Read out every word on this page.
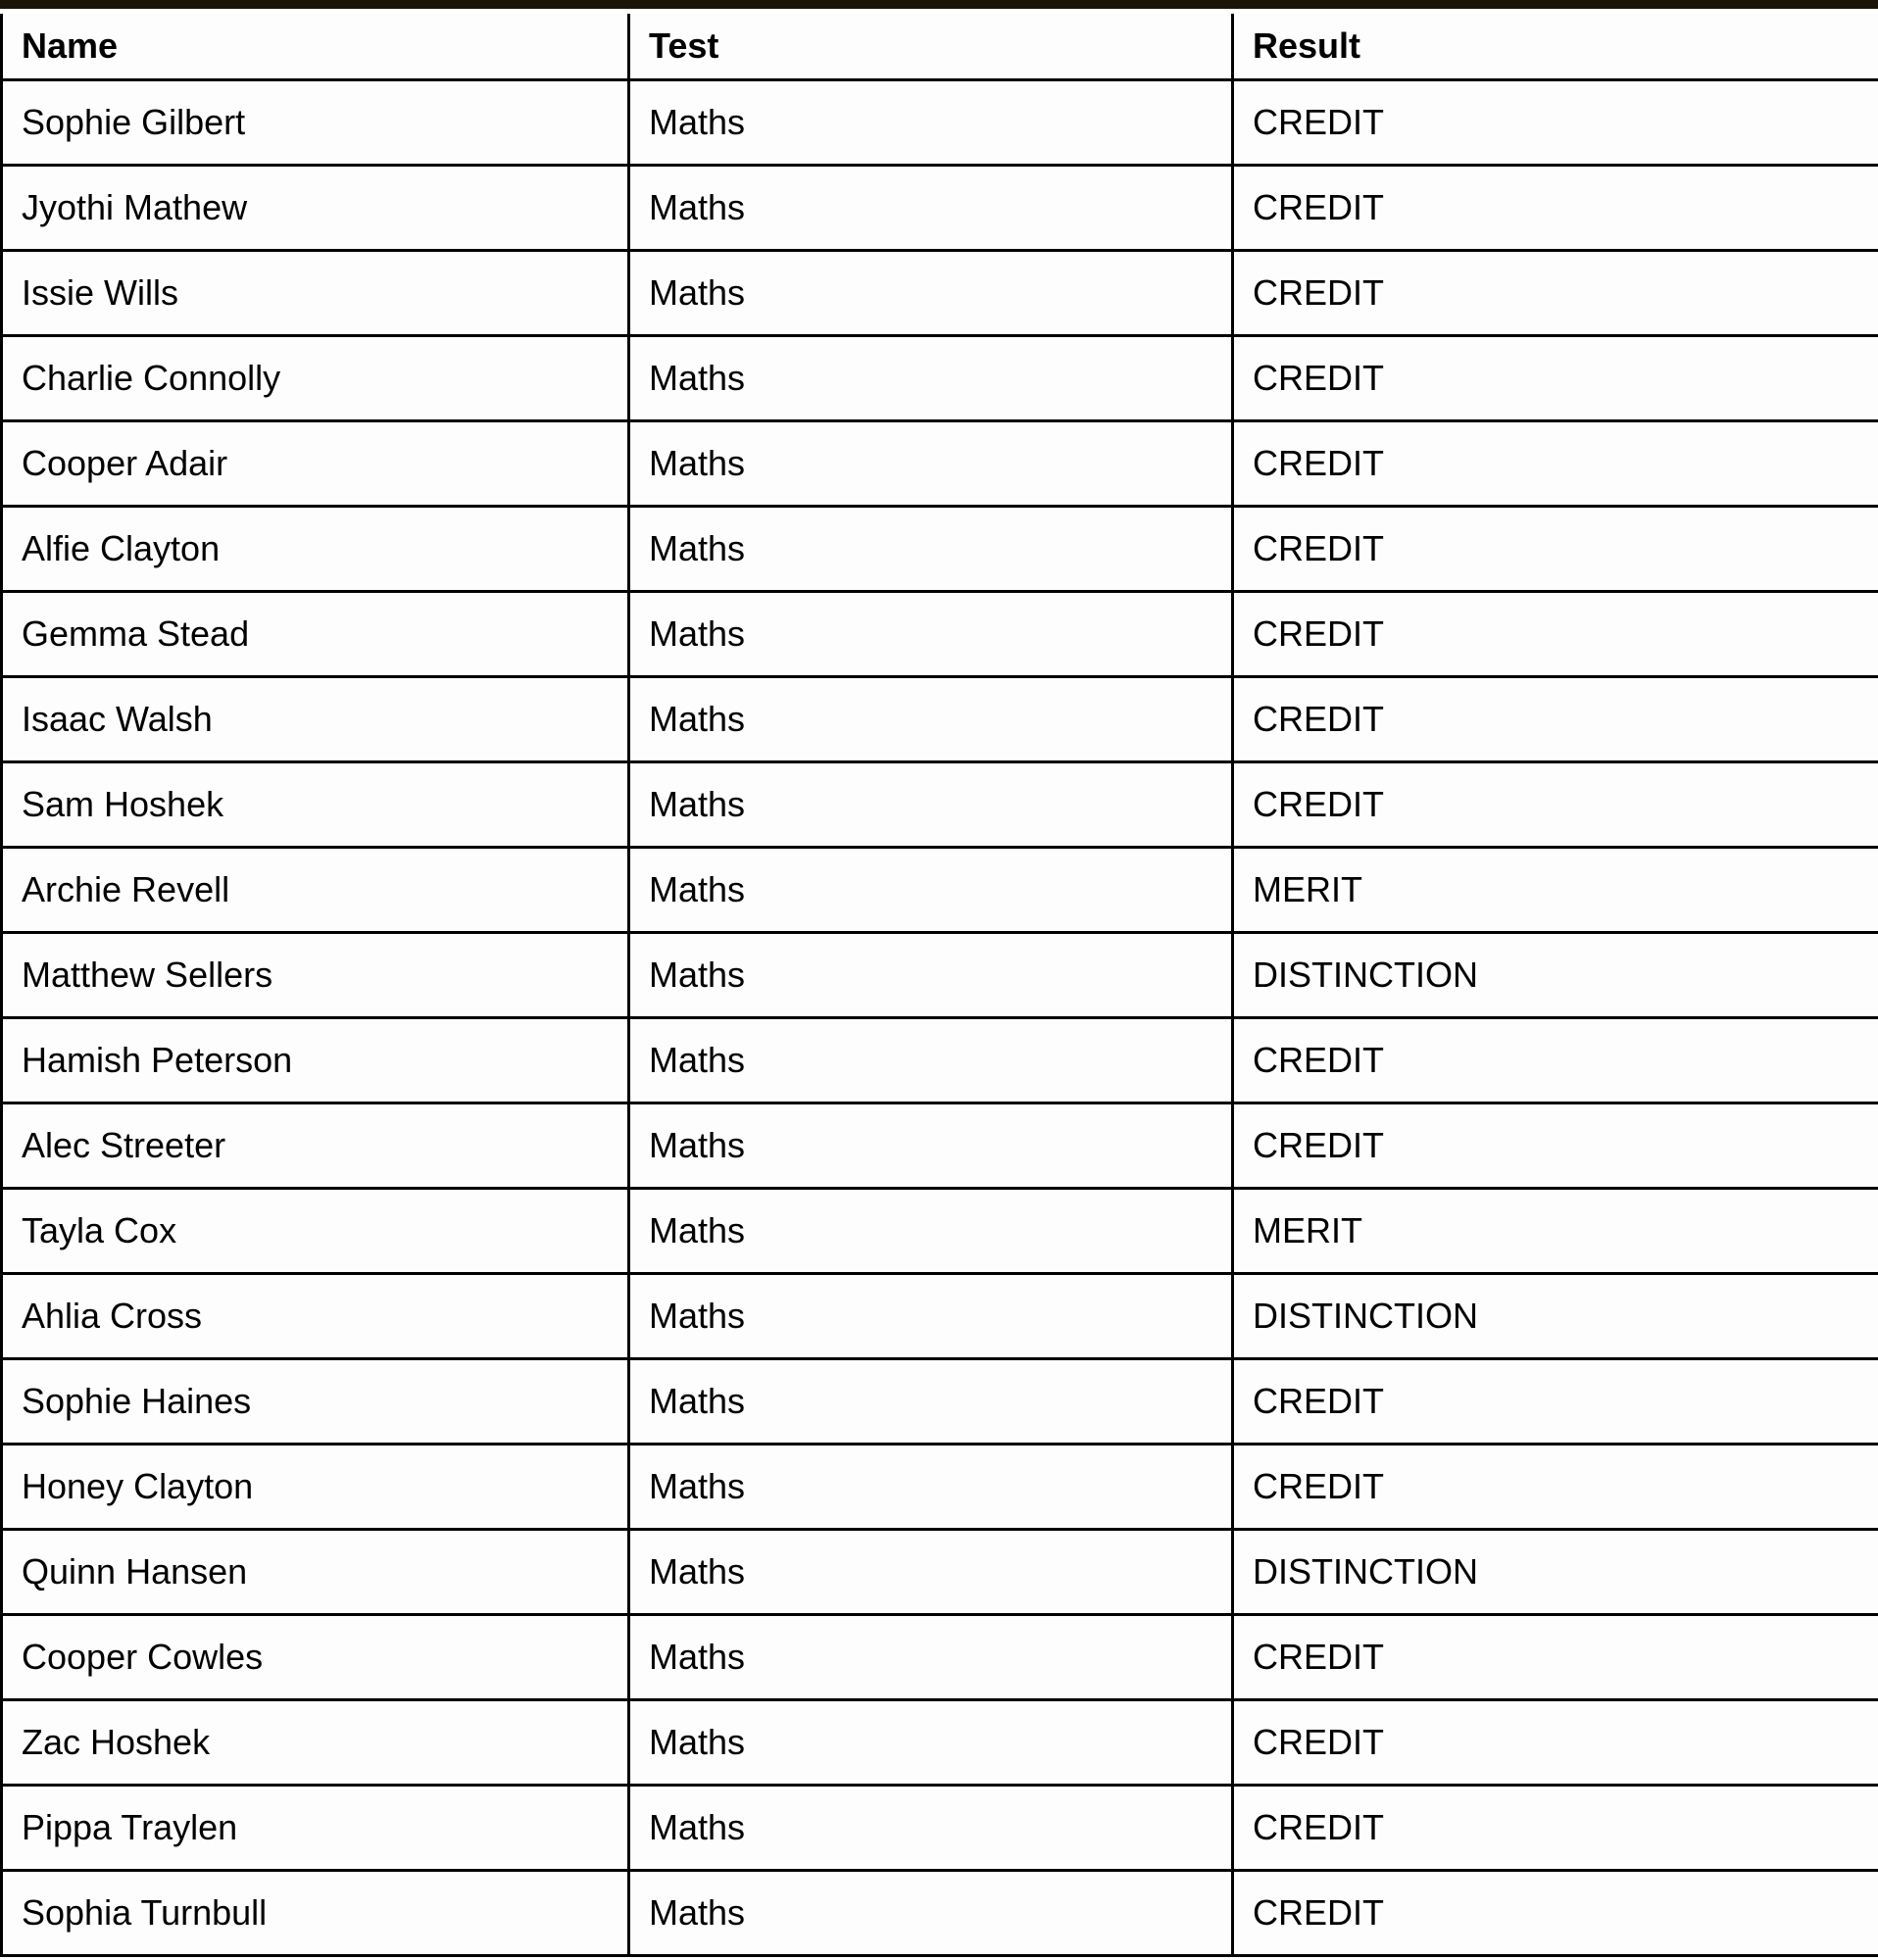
Name	Test	Result
Sophie Gilbert	Maths	CREDIT
Jyothi Mathew	Maths	CREDIT
Issie Wills	Maths	CREDIT
Charlie Connolly	Maths	CREDIT
Cooper Adair	Maths	CREDIT
Alfie Clayton	Maths	CREDIT
Gemma Stead	Maths	CREDIT
Isaac Walsh	Maths	CREDIT
Sam Hoshek	Maths	CREDIT
Archie Revell	Maths	MERIT
Matthew Sellers	Maths	DISTINCTION
Hamish Peterson	Maths	CREDIT
Alec Streeter	Maths	CREDIT
Tayla Cox	Maths	MERIT
Ahlia Cross	Maths	DISTINCTION
Sophie Haines	Maths	CREDIT
Honey Clayton	Maths	CREDIT
Quinn Hansen	Maths	DISTINCTION
Cooper Cowles	Maths	CREDIT
Zac Hoshek	Maths	CREDIT
Pippa Traylen	Maths	CREDIT
Sophia Turnbull	Maths	CREDIT
